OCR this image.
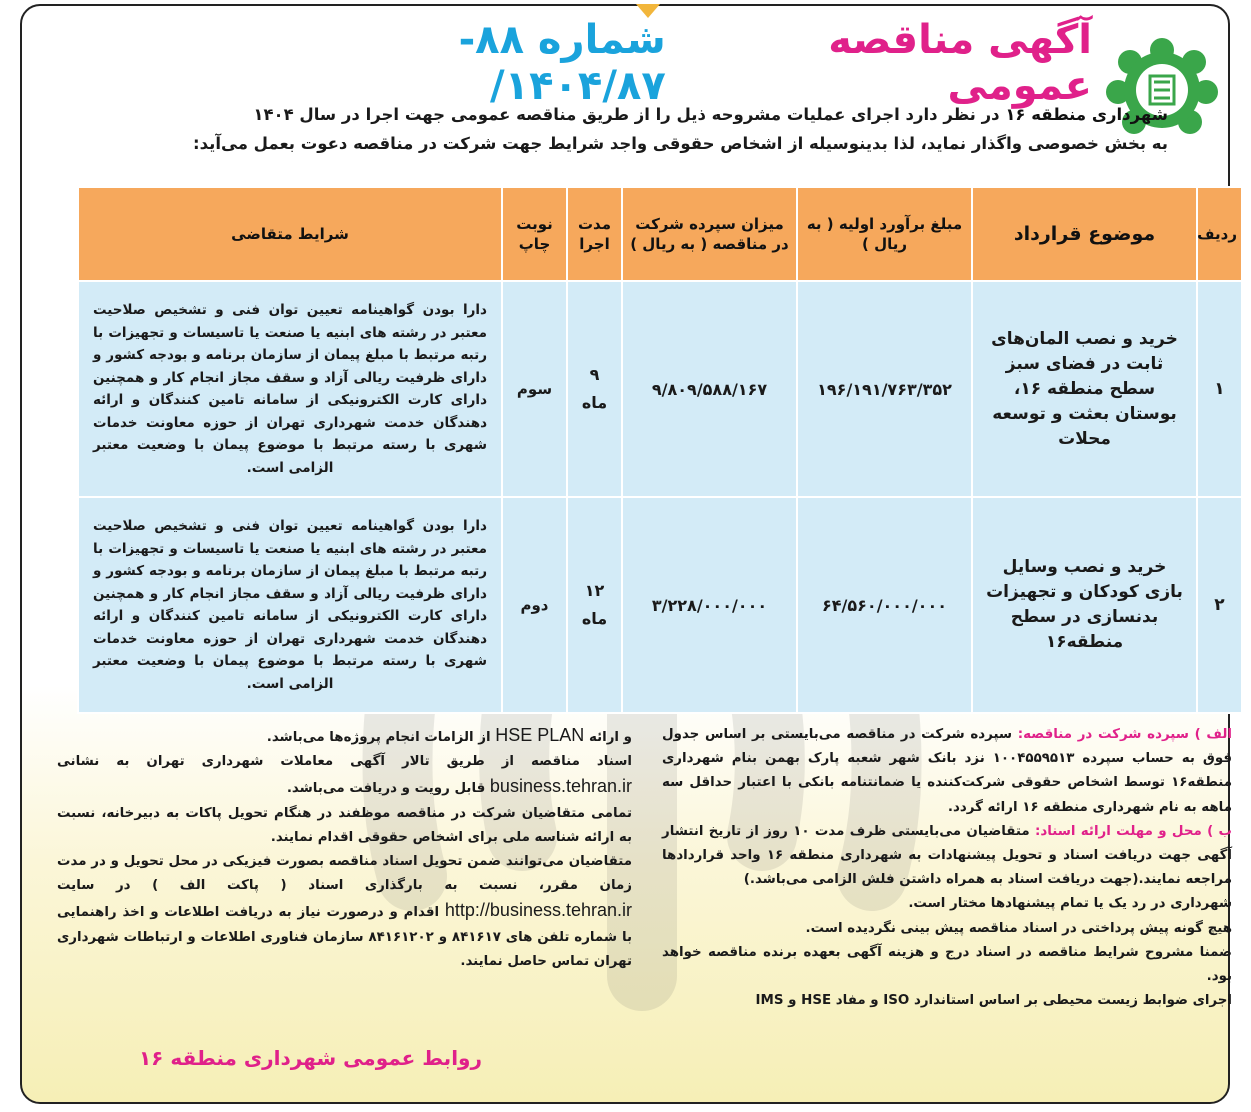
آگهی مناقصه عمومی
شماره ۸۸- ۱۴۰۴/۸۷/
شهرداری منطقه ۱۶ در نظر دارد اجرای عملیات مشروحه ذیل را از طریق مناقصه عمومی جهت اجرا در سال ۱۴۰۴
به بخش خصوصی واگذار نماید، لذا بدینوسیله از اشخاص حقوقی واجد شرایط جهت شرکت در مناقصه دعوت بعمل می‌آید:
ردیف	موضوع قرارداد	مبلغ برآورد اولیه ( به ریال )	میزان سپرده شرکت در مناقصه ( به ریال )	مدت اجرا	نوبت چاپ	شرایط متقاضی
۱	خرید و نصب المان‌های ثابت در فضای سبز سطح منطقه ۱۶، بوستان بعثت و توسعه محلات	۱۹۶/۱۹۱/۷۶۳/۳۵۲	۹/۸۰۹/۵۸۸/۱۶۷	۹ ماه	سوم	دارا بودن گواهینامه تعیین توان فنی و تشخیص صلاحیت معتبر در رشته های ابنیه یا صنعت یا تاسیسات و تجهیزات با رتبه مرتبط با مبلغ پیمان از سازمان برنامه و بودجه کشور و دارای ظرفیت ریالی آزاد و سقف مجاز انجام کار و همچنین دارای کارت الکترونیکی از سامانه تامین کنندگان و ارائه دهندگان خدمت شهرداری تهران از حوزه معاونت خدمات شهری با رسته مرتبط با موضوع پیمان با وضعیت معتبر الزامی است.
۲	خرید و نصب وسایل بازی کودکان و تجهیزات بدنسازی در سطح منطقه۱۶	۶۴/۵۶۰/۰۰۰/۰۰۰	۳/۲۲۸/۰۰۰/۰۰۰	۱۲ ماه	دوم	دارا بودن گواهینامه تعیین توان فنی و تشخیص صلاحیت معتبر در رشته های ابنیه یا صنعت یا تاسیسات و تجهیزات با رتبه مرتبط با مبلغ پیمان از سازمان برنامه و بودجه کشور و دارای ظرفیت ریالی آزاد و سقف مجاز انجام کار و همچنین دارای کارت الکترونیکی از سامانه تامین کنندگان و ارائه دهندگان خدمت شهرداری تهران از حوزه معاونت خدمات شهری با رسته مرتبط با موضوع پیمان با وضعیت معتبر الزامی است.

الف ) سپرده شرکت در مناقصه: سپرده شرکت در مناقصه می‌بایستی بر اساس جدول فوق به حساب سپرده ۱۰۰۴۵۵۹۵۱۳ نزد بانک شهر شعبه پارک بهمن بنام شهرداری منطقه۱۶ توسط اشخاص حقوقی شرکت‌کننده یا ضمانتنامه بانکی با اعتبار حداقل سه ماهه به نام شهرداری منطقه ۱۶ ارائه گردد.

ب ) محل و مهلت ارائه اسناد: متقاضیان می‌بایستی ظرف مدت ۱۰ روز از تاریخ انتشار آگهی جهت دریافت اسناد و تحویل پیشنهادات به شهرداری منطقه ۱۶ واحد قراردادها مراجعه نمایند.(جهت دریافت اسناد به همراه داشتن فلش الزامی می‌باشد.)

شهرداری در رد یک یا تمام پیشنهادها مختار است.

هیچ گونه پیش پرداختی در اسناد مناقصه پیش بینی نگردیده است.

ضمنا مشروح شرایط مناقصه در اسناد درج و هزینه آگهی بعهده برنده مناقصه خواهد بود.

اجرای ضوابط زیست محیطی بر اساس استاندارد ISO و مفاد HSE و IMS

و ارائه HSE PLAN از الزامات انجام پروژه‌ها می‌باشد.

اسناد مناقصه از طریق تالار آگهی معاملات شهرداری تهران به نشانی business.tehran.ir قابل رویت و دریافت می‌باشد.

تمامی متقاضیان شرکت در مناقصه موظفند در هنگام تحویل پاکات به دبیرخانه، نسبت به ارائه شناسه ملی برای اشخاص حقوقی اقدام نمایند.

متقاضیان می‌توانند ضمن تحویل اسناد مناقصه بصورت فیزیکی در محل تحویل و در مدت زمان مقرر، نسبت به بارگذاری اسناد ( پاکت الف ) در سایت http://business.tehran.ir اقدام و درصورت نیاز به دریافت اطلاعات و اخذ راهنمایی با شماره تلفن های ۸۴۱۶۱۷ و ۸۴۱۶۱۲۰۲ سازمان فناوری اطلاعات و ارتباطات شهرداری تهران تماس حاصل نمایند.

روابط عمومی شهرداری منطقه ۱۶
